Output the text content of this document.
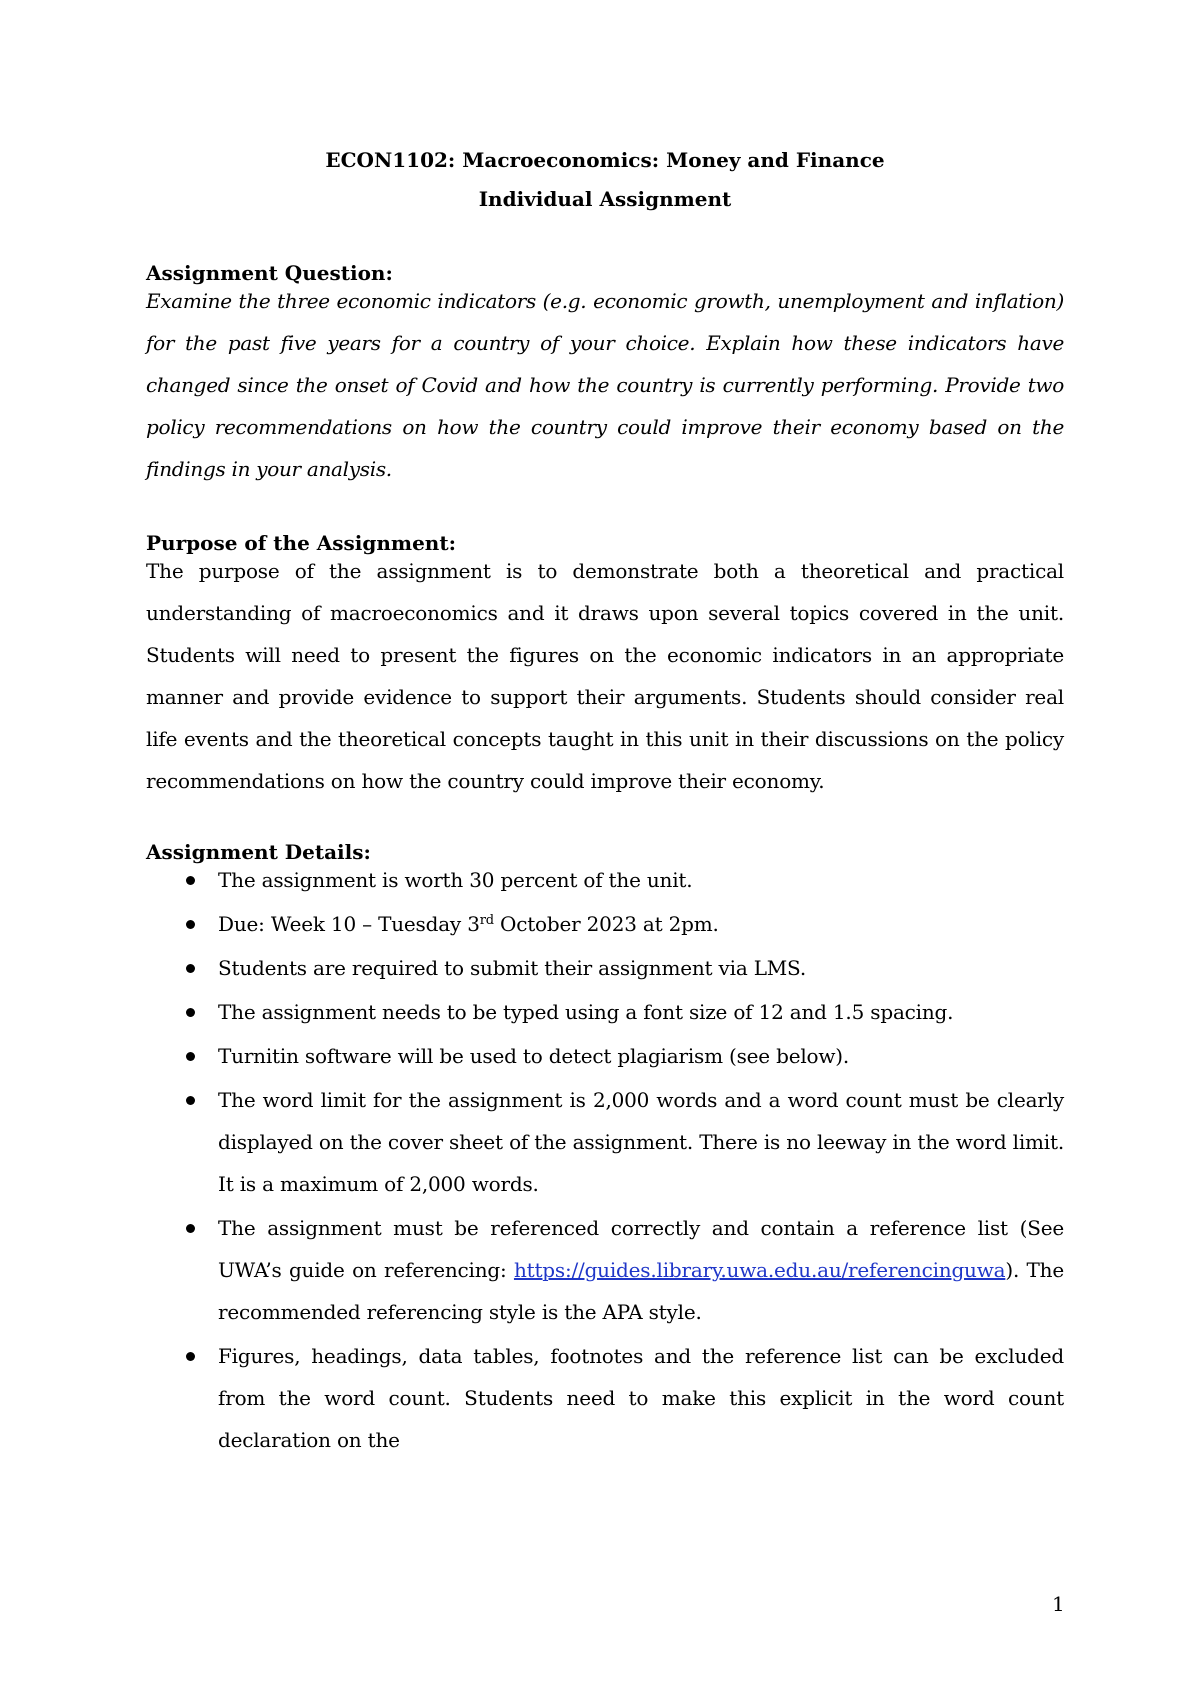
ECON1102: Macroeconomics: Money and Finance
Individual Assignment
Assignment Question:
Examine the three economic indicators (e.g. economic growth, unemployment and inflation) for the past five years for a country of your choice. Explain how these indicators have changed since the onset of Covid and how the country is currently performing. Provide two policy recommendations on how the country could improve their economy based on the findings in your analysis.
Purpose of the Assignment:
The purpose of the assignment is to demonstrate both a theoretical and practical understanding of macroeconomics and it draws upon several topics covered in the unit. Students will need to present the figures on the economic indicators in an appropriate manner and provide evidence to support their arguments. Students should consider real life events and the theoretical concepts taught in this unit in their discussions on the policy recommendations on how the country could improve their economy.
Assignment Details:
The assignment is worth 30 percent of the unit.
Due: Week 10 – Tuesday 3rd October 2023 at 2pm.
Students are required to submit their assignment via LMS.
The assignment needs to be typed using a font size of 12 and 1.5 spacing.
Turnitin software will be used to detect plagiarism (see below).
The word limit for the assignment is 2,000 words and a word count must be clearly displayed on the cover sheet of the assignment. There is no leeway in the word limit. It is a maximum of 2,000 words.
The assignment must be referenced correctly and contain a reference list (See UWA’s guide on referencing: https://guides.library.uwa.edu.au/referencinguwa). The recommended referencing style is the APA style.
Figures, headings, data tables, footnotes and the reference list can be excluded from the word count. Students need to make this explicit in the word count declaration on the
1
